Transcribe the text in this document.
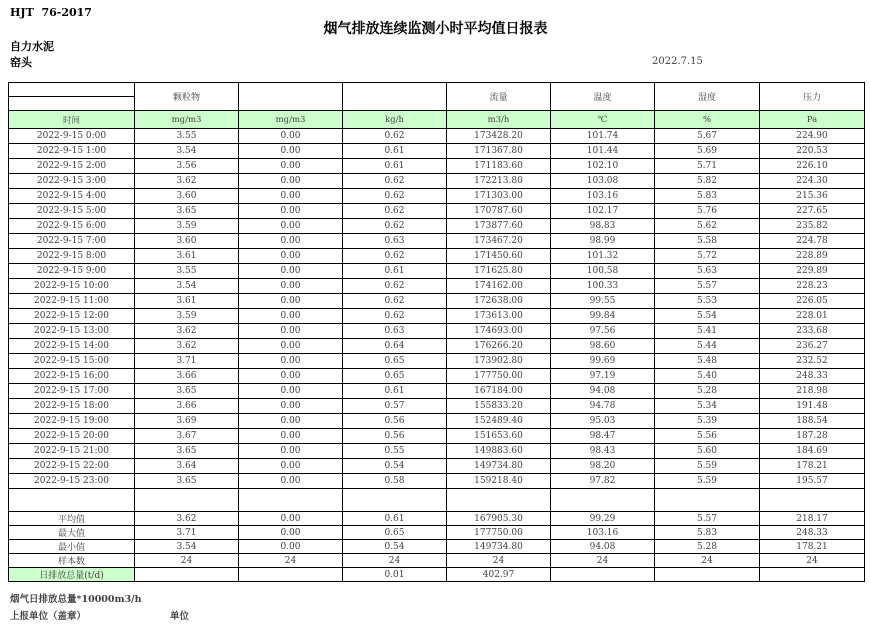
HJT  76-2017
烟气排放连续监测小时平均值日报表
自力水泥
窑头	2022.7.15
	颗粒物			流量	温度	湿度	压力

时间	mg/m3	mg/m3	kg/h	m3/h	℃	%	Pa
2022-9-15 0:00	3.55	0.00	0.62	173428.20	101.74	5.67	224.90
2022-9-15 1:00	3.54	0.00	0.61	171367.80	101.44	5.69	220.53
2022-9-15 2:00	3.56	0.00	0.61	171183.60	102.10	5.71	226.10
2022-9-15 3:00	3.62	0.00	0.62	172213.80	103.08	5.82	224.30
2022-9-15 4:00	3.60	0.00	0.62	171303.00	103.16	5.83	215.36
2022-9-15 5:00	3.65	0.00	0.62	170787.60	102.17	5.76	227.65
2022-9-15 6:00	3.59	0.00	0.62	173877.60	98.83	5.62	235.82
2022-9-15 7:00	3.60	0.00	0.63	173467.20	98.99	5.58	224.78
2022-9-15 8:00	3.61	0.00	0.62	171450.60	101.32	5.72	228.89
2022-9-15 9:00	3.55	0.00	0.61	171625.80	100.58	5.63	229.89
2022-9-15 10:00	3.54	0.00	0.62	174162.00	100.33	5.57	228.23
2022-9-15 11:00	3.61	0.00	0.62	172638.00	99.55	5.53	226.05
2022-9-15 12:00	3.59	0.00	0.62	173613.00	99.84	5.54	228.01
2022-9-15 13:00	3.62	0.00	0.63	174693.00	97.56	5.41	233.68
2022-9-15 14:00	3.62	0.00	0.64	176266.20	98.60	5.44	236.27
2022-9-15 15:00	3.71	0.00	0.65	173902.80	99.69	5.48	232.52
2022-9-15 16:00	3.66	0.00	0.65	177750.00	97.19	5.40	248.33
2022-9-15 17:00	3.65	0.00	0.61	167184.00	94.08	5.28	218.98
2022-9-15 18:00	3.66	0.00	0.57	155833.20	94.78	5.34	191.48
2022-9-15 19:00	3.69	0.00	0.56	152489.40	95.03	5.39	188.54
2022-9-15 20:00	3.67	0.00	0.56	151653.60	98.47	5.56	187.28
2022-9-15 21:00	3.65	0.00	0.55	149883.60	98.43	5.60	184.69
2022-9-15 22:00	3.64	0.00	0.54	149734.80	98.20	5.59	178.21
2022-9-15 23:00	3.65	0.00	0.58	159218.40	97.82	5.59	195.57

平均值	3.62	0.00	0.61	167905.30	99.29	5.57	218.17
最大值	3.71	0.00	0.65	177750.00	103.16	5.83	248.33
最小值	3.54	0.00	0.54	149734.80	94.08	5.28	178.21
样本数	24	24	24	24	24	24	24
日排放总量(t/d)			0.01	402.97			
烟气日排放总量*10000m3/h
上报单位（盖章）	单位
